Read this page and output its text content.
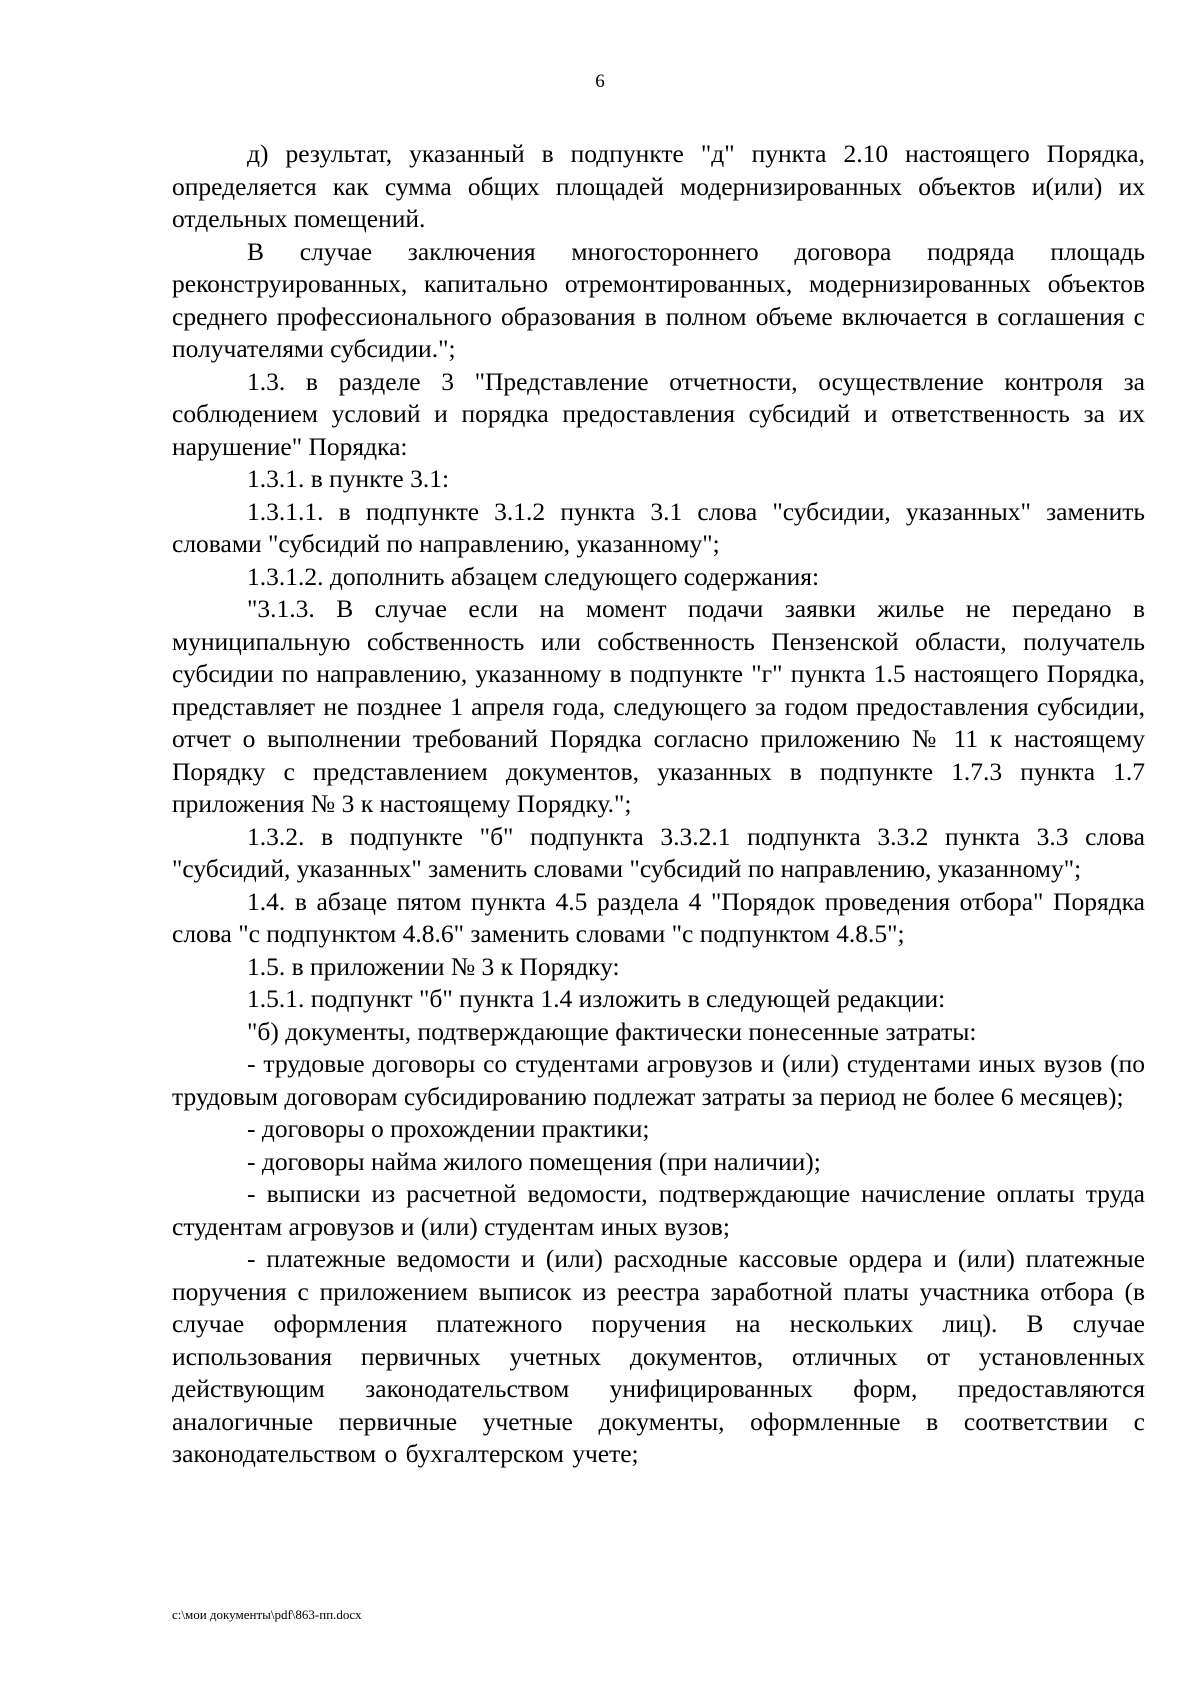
6

д) результат, указанный в подпункте "д" пункта 2.10 настоящего Порядка, определяется как сумма общих площадей модернизированных объектов и(или) их отдельных помещений.

В случае заключения многостороннего договора подряда площадь реконструированных, капитально отремонтированных, модернизированных объектов среднего профессионального образования в полном объеме включается в соглашения с получателями субсидии.";

1.3. в разделе 3 "Представление отчетности, осуществление контроля за соблюдением условий и порядка предоставления субсидий и ответственность за их нарушение" Порядка:

1.3.1. в пункте 3.1:

1.3.1.1. в подпункте 3.1.2 пункта 3.1 слова "субсидии, указанных" заменить словами "субсидий по направлению, указанному";

1.3.1.2. дополнить абзацем следующего содержания:

"3.1.3. В случае если на момент подачи заявки жилье не передано в муниципальную собственность или собственность Пензенской области, получатель субсидии по направлению, указанному в подпункте "г" пункта 1.5 настоящего Порядка, представляет не позднее 1 апреля года, следующего за годом предоставления субсидии, отчет о выполнении требований Порядка согласно приложению № 11 к настоящему Порядку с представлением документов, указанных в подпункте 1.7.3 пункта 1.7 приложения № 3 к настоящему Порядку.";

1.3.2. в подпункте "б" подпункта 3.3.2.1 подпункта 3.3.2 пункта 3.3 слова "субсидий, указанных" заменить словами "субсидий по направлению, указанному";

1.4. в абзаце пятом пункта 4.5 раздела 4 "Порядок проведения отбора" Порядка слова "с подпунктом 4.8.6" заменить словами "с подпунктом 4.8.5";

1.5. в приложении № 3 к Порядку:

1.5.1. подпункт "б" пункта 1.4 изложить в следующей редакции:

"б) документы, подтверждающие фактически понесенные затраты:

- трудовые договоры со студентами агровузов и (или) студентами иных вузов (по трудовым договорам субсидированию подлежат затраты за период не более 6 месяцев);

- договоры о прохождении практики;

- договоры найма жилого помещения (при наличии);

- выписки из расчетной ведомости, подтверждающие начисление оплаты труда студентам агровузов и (или) студентам иных вузов;

- платежные ведомости и (или) расходные кассовые ордера и (или) платежные поручения с приложением выписок из реестра заработной платы участника отбора (в случае оформления платежного поручения на нескольких лиц). В случае использования первичных учетных документов, отличных от установленных действующим законодательством унифицированных форм, предоставляются аналогичные первичные учетные документы, оформленные в соответствии с законодательством о бухгалтерском учете;

c:\мои документы\pdf\863-пп.docx
